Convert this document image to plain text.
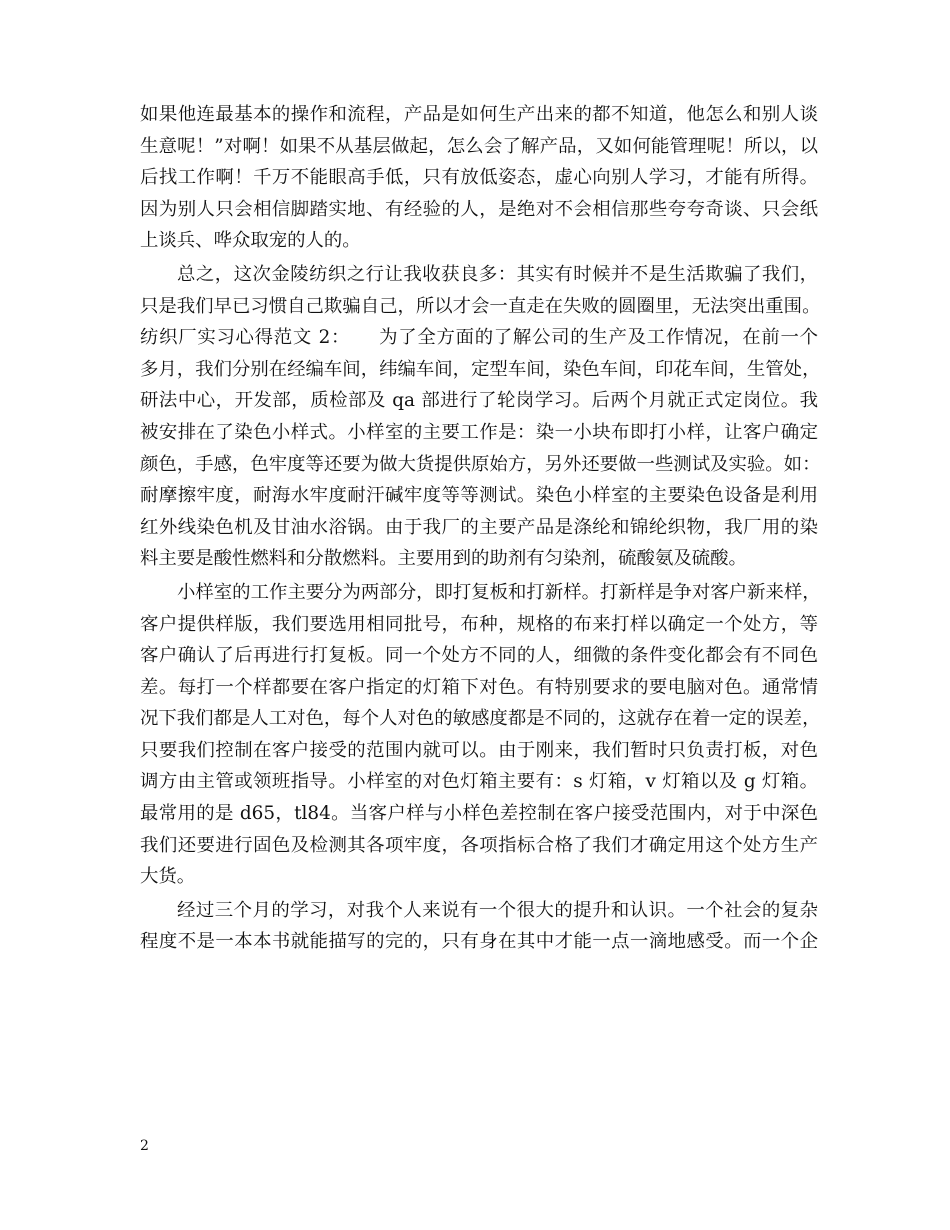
如果他连最基本的操作和流程，产品是如何生产出来的都不知道，他怎么和别人谈
生意呢！”对啊！如果不从基层做起，怎么会了解产品，又如何能管理呢！所以，以
后找工作啊！千万不能眼高手低，只有放低姿态，虚心向别人学习，才能有所得。
因为别人只会相信脚踏实地、有经验的人，是绝对不会相信那些夸夸奇谈、只会纸
上谈兵、哗众取宠的人的。
总之，这次金陵纺织之行让我收获良多：其实有时候并不是生活欺骗了我们，
只是我们早已习惯自己欺骗自己，所以才会一直走在失败的圆圈里，无法突出重围。
纺织厂实习心得范文 2：　　为了全方面的了解公司的生产及工作情况，在前一个
多月，我们分别在经编车间，纬编车间，定型车间，染色车间，印花车间，生管处，
研法中心，开发部，质检部及 qa 部进行了轮岗学习。后两个月就正式定岗位。我
被安排在了染色小样式。小样室的主要工作是：染一小块布即打小样，让客户确定
颜色，手感，色牢度等还要为做大货提供原始方，另外还要做一些测试及实验。如：
耐摩擦牢度，耐海水牢度耐汗碱牢度等等测试。染色小样室的主要染色设备是利用
红外线染色机及甘油水浴锅。由于我厂的主要产品是涤纶和锦纶织物，我厂用的染
料主要是酸性燃料和分散燃料。主要用到的助剂有匀染剂，硫酸氨及硫酸。
小样室的工作主要分为两部分，即打复板和打新样。打新样是争对客户新来样，
客户提供样版，我们要选用相同批号，布种，规格的布来打样以确定一个处方，等
客户确认了后再进行打复板。同一个处方不同的人，细微的条件变化都会有不同色
差。每打一个样都要在客户指定的灯箱下对色。有特别要求的要电脑对色。通常情
况下我们都是人工对色，每个人对色的敏感度都是不同的，这就存在着一定的误差，
只要我们控制在客户接受的范围内就可以。由于刚来，我们暂时只负责打板，对色
调方由主管或领班指导。小样室的对色灯箱主要有：s 灯箱，v 灯箱以及 g 灯箱。
最常用的是 d65，tl84。当客户样与小样色差控制在客户接受范围内，对于中深色
我们还要进行固色及检测其各项牢度，各项指标合格了我们才确定用这个处方生产
大货。
经过三个月的学习，对我个人来说有一个很大的提升和认识。一个社会的复杂
程度不是一本本书就能描写的完的，只有身在其中才能一点一滴地感受。而一个企
2
